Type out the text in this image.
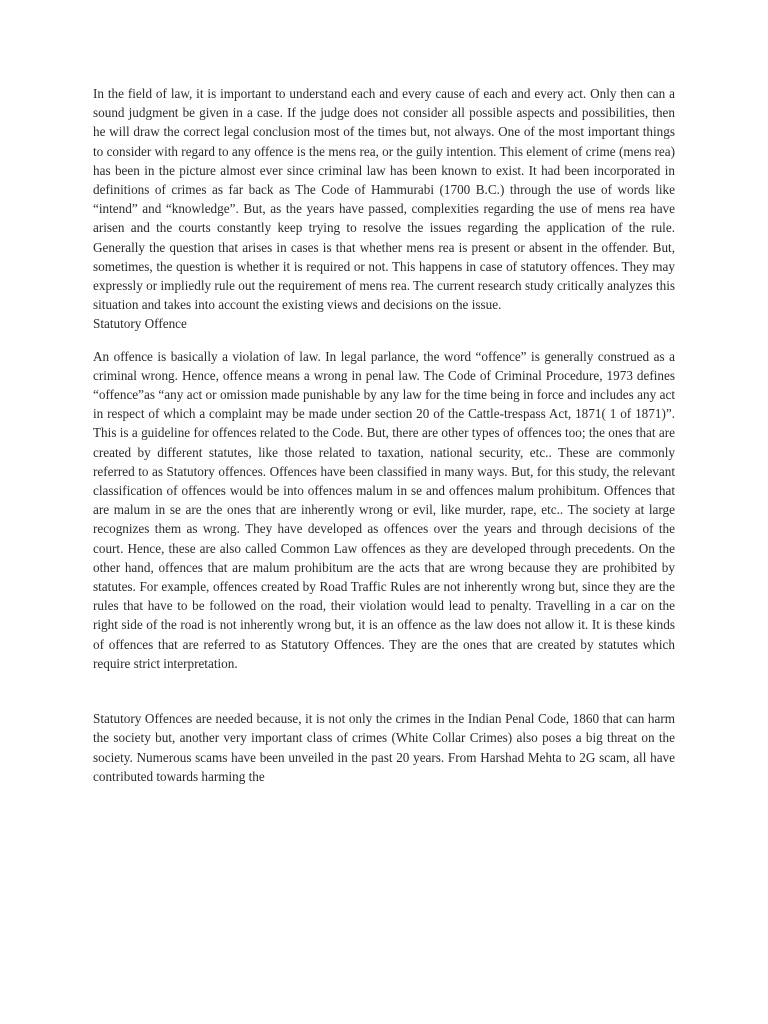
In the field of law, it is important to understand each and every cause of each and every act. Only then can a sound judgment be given in a case. If the judge does not consider all possible aspects and possibilities, then he will draw the correct legal conclusion most of the times but, not always. One of the most important things to consider with regard to any offence is the mens rea, or the guily intention. This element of crime (mens rea) has been in the picture almost ever since criminal law has been known to exist. It had been incorporated in definitions of crimes as far back as The Code of Hammurabi (1700 B.C.) through the use of words like “intend” and “knowledge”. But, as the years have passed, complexities regarding the use of mens rea have arisen and the courts constantly keep trying to resolve the issues regarding the application of the rule. Generally the question that arises in cases is that whether mens rea is present or absent in the offender. But, sometimes, the question is whether it is required or not. This happens in case of statutory offences. They may expressly or impliedly rule out the requirement of mens rea. The current research study critically analyzes this situation and takes into account the existing views and decisions on the issue.

Statutory Offence

An offence is basically a violation of law. In legal parlance, the word “offence” is generally construed as a criminal wrong. Hence, offence means a wrong in penal law. The Code of Criminal Procedure, 1973 defines “offence”as “any act or omission made punishable by any law for the time being in force and includes any act in respect of which a complaint may be made under section 20 of the Cattle-trespass Act, 1871( 1 of 1871)”. This is a guideline for offences related to the Code. But, there are other types of offences too; the ones that are created by different statutes, like those related to taxation, national security, etc.. These are commonly referred to as Statutory offences. Offences have been classified in many ways. But, for this study, the relevant classification of offences would be into offences malum in se and offences malum prohibitum. Offences that are malum in se are the ones that are inherently wrong or evil, like murder, rape, etc.. The society at large recognizes them as wrong. They have developed as offences over the years and through decisions of the court. Hence, these are also called Common Law offences as they are developed through precedents. On the other hand, offences that are malum prohibitum are the acts that are wrong because they are prohibited by statutes. For example, offences created by Road Traffic Rules are not inherently wrong but, since they are the rules that have to be followed on the road, their violation would lead to penalty. Travelling in a car on the right side of the road is not inherently wrong but, it is an offence as the law does not allow it. It is these kinds of offences that are referred to as Statutory Offences. They are the ones that are created by statutes which require strict interpretation.

Statutory Offences are needed because, it is not only the crimes in the Indian Penal Code, 1860 that can harm the society but, another very important class of crimes (White Collar Crimes) also poses a big threat on the society. Numerous scams have been unveiled in the past 20 years. From Harshad Mehta to 2G scam, all have contributed towards harming the
